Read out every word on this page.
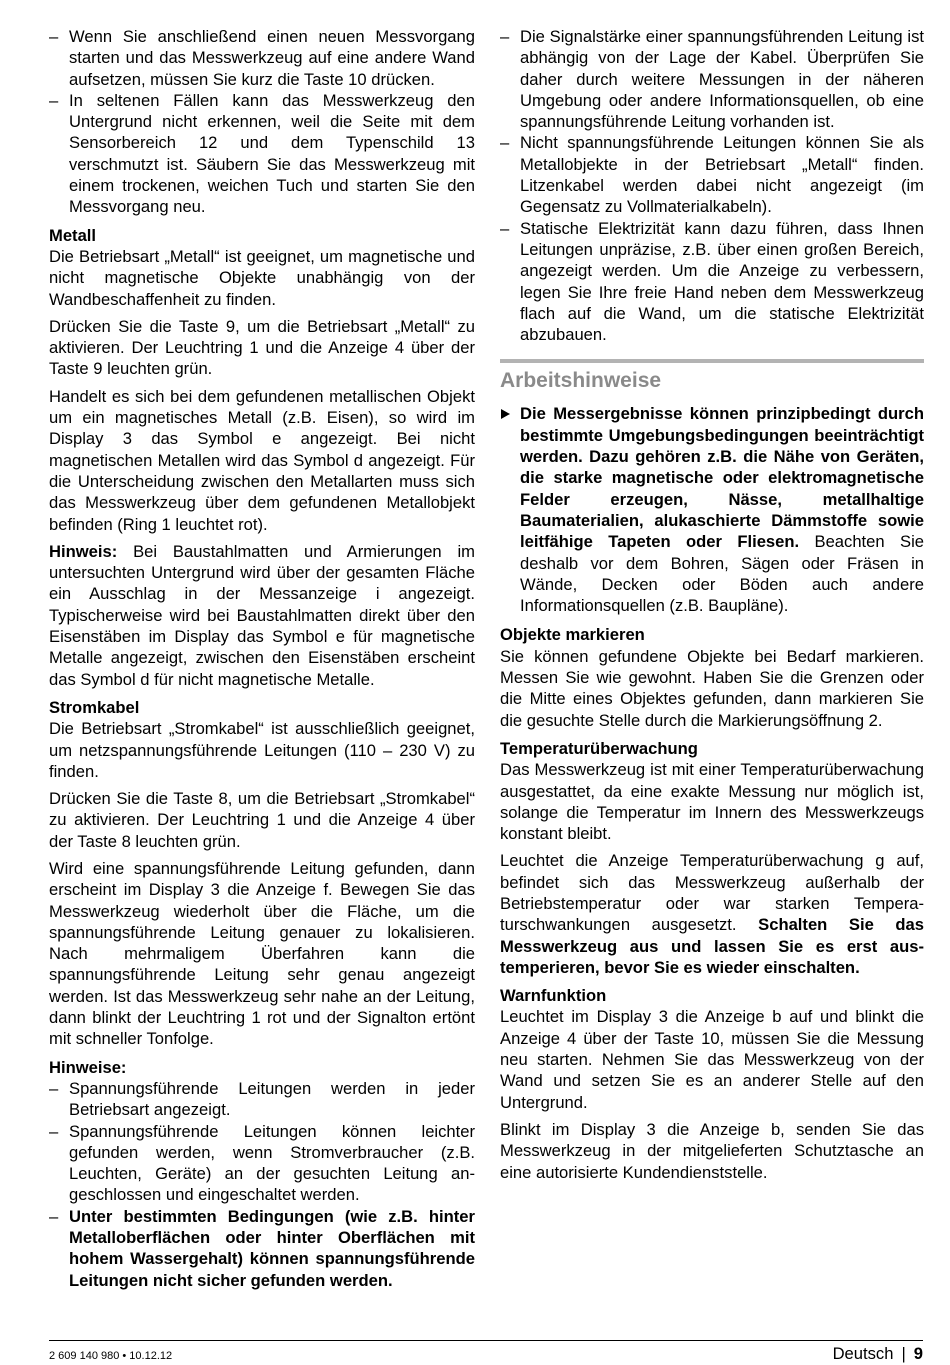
– Wenn Sie anschließend einen neuen Messvorgang starten und das Messwerkzeug auf eine andere Wand aufsetzen, müssen Sie kurz die Taste 10 drücken.
– In seltenen Fällen kann das Messwerkzeug den Untergrund nicht erkennen, weil die Seite mit dem Sensorbereich 12 und dem Typenschild 13 verschmutzt ist. Säubern Sie das Messwerkzeug mit einem trockenen, weichen Tuch und starten Sie den Messvorgang neu.
Metall

Die Betriebsart „Metall“ ist geeignet, um magnetische und nicht magnetische Objekte unabhängig von der Wandbeschaffenheit zu finden.

Drücken Sie die Taste 9, um die Betriebsart „Metall“ zu aktivieren. Der Leuchtring 1 und die Anzeige 4 über der Taste 9 leuchten grün.

Handelt es sich bei dem gefundenen metallischen Objekt um ein magnetisches Metall (z.B. Eisen), so wird im Display 3 das Symbol e angezeigt. Bei nicht magnetischen Metallen wird das Symbol d angezeigt. Für die Unterscheidung zwischen den Metallarten muss sich das Messwerkzeug über dem gefundenen Metallobjekt befinden (Ring 1 leuchtet rot).

Hinweis: Bei Baustahlmatten und Armierungen im untersuchten Untergrund wird über der gesamten Fläche ein Ausschlag in der Messanzeige i angezeigt. Typischerweise wird bei Baustahlmatten direkt über den Eisenstäben im Display das Symbol e für magnetische Metalle angezeigt, zwischen den Eisenstäben erscheint das Symbol d für nicht magnetische Metalle.

Stromkabel

Die Betriebsart „Stromkabel“ ist ausschließlich geeignet, um netzspannungsführende Leitungen (110 – 230 V) zu finden.

Drücken Sie die Taste 8, um die Betriebsart „Stromkabel“ zu aktivieren. Der Leuchtring 1 und die Anzeige 4 über der Taste 8 leuchten grün.

Wird eine spannungsführende Leitung gefunden, dann erscheint im Display 3 die Anzeige f. Bewegen Sie das Messwerkzeug wiederholt über die Fläche, um die spannungsführende Leitung genauer zu lokalisieren. Nach mehrmaligem Überfahren kann die spannungsführende Leitung sehr genau angezeigt werden. Ist das Messwerkzeug sehr nahe an der Leitung, dann blinkt der Leuchtring 1 rot und der Signalton ertönt mit schneller Tonfolge.

Hinweise:
– Spannungsführende Leitungen werden in jeder Betriebsart angezeigt.
– Spannungsführende Leitungen können leichter gefunden werden, wenn Stromverbraucher (z.B. Leuchten, Geräte) an der gesuchten Leitung angeschlossen und eingeschaltet werden.
– Unter bestimmten Bedingungen (wie z.B. hinter Metalloberflächen oder hinter Oberflächen mit hohem Wassergehalt) können spannungsführende Leitungen nicht sicher gefunden werden.
– Die Signalstärke einer spannungsführenden Leitung ist abhängig von der Lage der Kabel. Überprüfen Sie daher durch weitere Messungen in der näheren Umgebung oder andere Informationsquellen, ob eine spannungsführende Leitung vorhanden ist.
– Nicht spannungsführende Leitungen können Sie als Metallobjekte in der Betriebsart „Metall“ finden. Litzenkabel werden dabei nicht angezeigt (im Gegensatz zu Vollmaterialkabeln).
– Statische Elektrizität kann dazu führen, dass Ihnen Leitungen unpräzise, z.B. über einen großen Bereich, angezeigt werden. Um die Anzeige zu verbessern, legen Sie Ihre freie Hand neben dem Messwerkzeug flach auf die Wand, um die statische Elektrizität abzubauen.
Arbeitshinweise
Die Messergebnisse können prinzipbedingt durch bestimmte Umgebungsbedingungen beeinträchtigt werden. Dazu gehören z.B. die Nähe von Geräten, die starke magnetische oder elektromagnetische Felder erzeugen, Nässe, metallhaltige Baumaterialien, alukaschierte Dämmstoffe sowie leitfähige Tapeten oder Fliesen. Beachten Sie deshalb vor dem Bohren, Sägen oder Fräsen in Wände, Decken oder Böden auch andere Informationsquellen (z.B. Baupläne).
Objekte markieren

Sie können gefundene Objekte bei Bedarf markieren. Messen Sie wie gewohnt. Haben Sie die Grenzen oder die Mitte eines Objektes gefunden, dann markieren Sie die gesuchte Stelle durch die Markierungsöffnung 2.

Temperaturüberwachung

Das Messwerkzeug ist mit einer Temperaturüberwachung ausgestattet, da eine exakte Messung nur möglich ist, solange die Temperatur im Innern des Messwerkzeugs konstant bleibt.

Leuchtet die Anzeige Temperaturüberwachung g auf, befindet sich das Messwerkzeug außerhalb der Betriebstemperatur oder war starken Temperaturschwankungen ausgesetzt. Schalten Sie das Messwerkzeug aus und lassen Sie es erst austemperieren, bevor Sie es wieder einschalten.

Warnfunktion

Leuchtet im Display 3 die Anzeige b auf und blinkt die Anzeige 4 über der Taste 10, müssen Sie die Messung neu starten. Nehmen Sie das Messwerkzeug von der Wand und setzen Sie es an anderer Stelle auf den Untergrund.

Blinkt im Display 3 die Anzeige b, senden Sie das Messwerkzeug in der mitgelieferten Schutztasche an eine autorisierte Kundendienststelle.

2 609 140 980 • 10.12.12	Deutsch | 9
